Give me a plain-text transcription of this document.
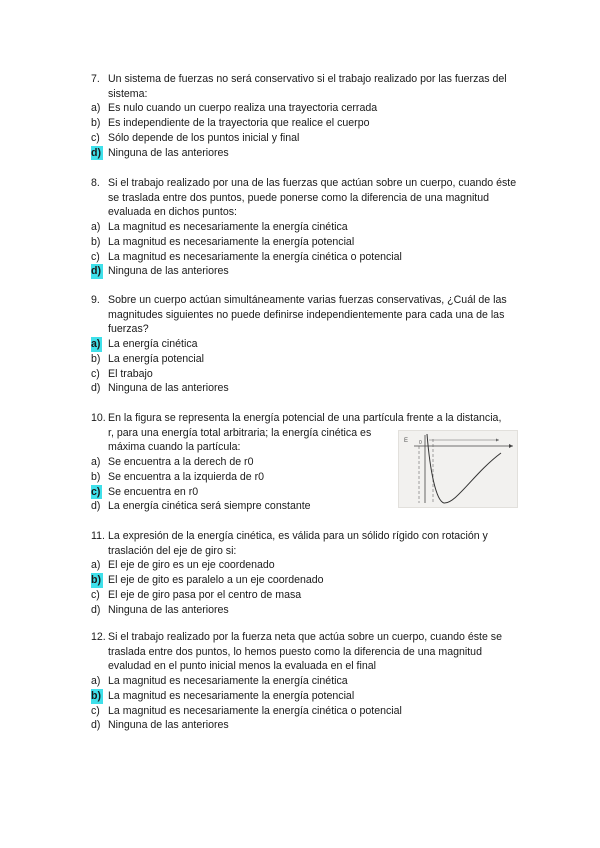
7. Un sistema de fuerzas no será conservativo si el trabajo realizado por las fuerzas del sistema:
a) Es nulo cuando un cuerpo realiza una trayectoria cerrada
b) Es independiente de la trayectoria que realice el cuerpo
c) Sólo depende de los puntos inicial y final
d) Ninguna de las anteriores
8. Si el trabajo realizado por una de las fuerzas que actúan sobre un cuerpo, cuando éste se traslada entre dos puntos, puede ponerse como la diferencia de una magnitud evaluada en dichos puntos:
a) La magnitud es necesariamente la energía cinética
b) La magnitud es necesariamente la energía potencial
c) La magnitud es necesariamente la energía cinética o potencial
d) Ninguna de las anteriores
9. Sobre un cuerpo actúan simultáneamente varias fuerzas conservativas, ¿Cuál de las magnitudes siguientes no puede definirse independientemente para cada una de las fuerzas?
a) La energía cinética
b) La energía potencial
c) El trabajo
d) Ninguna de las anteriores
10. En la figura se representa la energía potencial de una partícula frente a la distancia,
r, para una energía total arbitraria; la energía cinética es máxima cuando la partícula:
a) Se encuentra a la derech de r0
b) Se encuentra a la izquierda de r0
c) Se encuentra en r0
d) La energía cinética será siempre constante
E 0
11. La expresión de la energía cinética, es válida para un sólido rígido con rotación y traslación del eje de giro si:
a) El eje de giro es un eje coordenado
b) El eje de gito es paralelo a un eje coordenado
c) El eje de giro pasa por el centro de masa
d) Ninguna de las anteriores
12. Si el trabajo realizado por la fuerza neta que actúa sobre un cuerpo, cuando éste se traslada entre dos puntos, lo hemos puesto como la diferencia de una magnitud evaludad en el punto inicial menos la evaluada en el final
a) La magnitud es necesariamente la energía cinética
b) La magnitud es necesariamente la energía potencial
c) La magnitud es necesariamente la energía cinética o potencial
d) Ninguna de las anteriores
